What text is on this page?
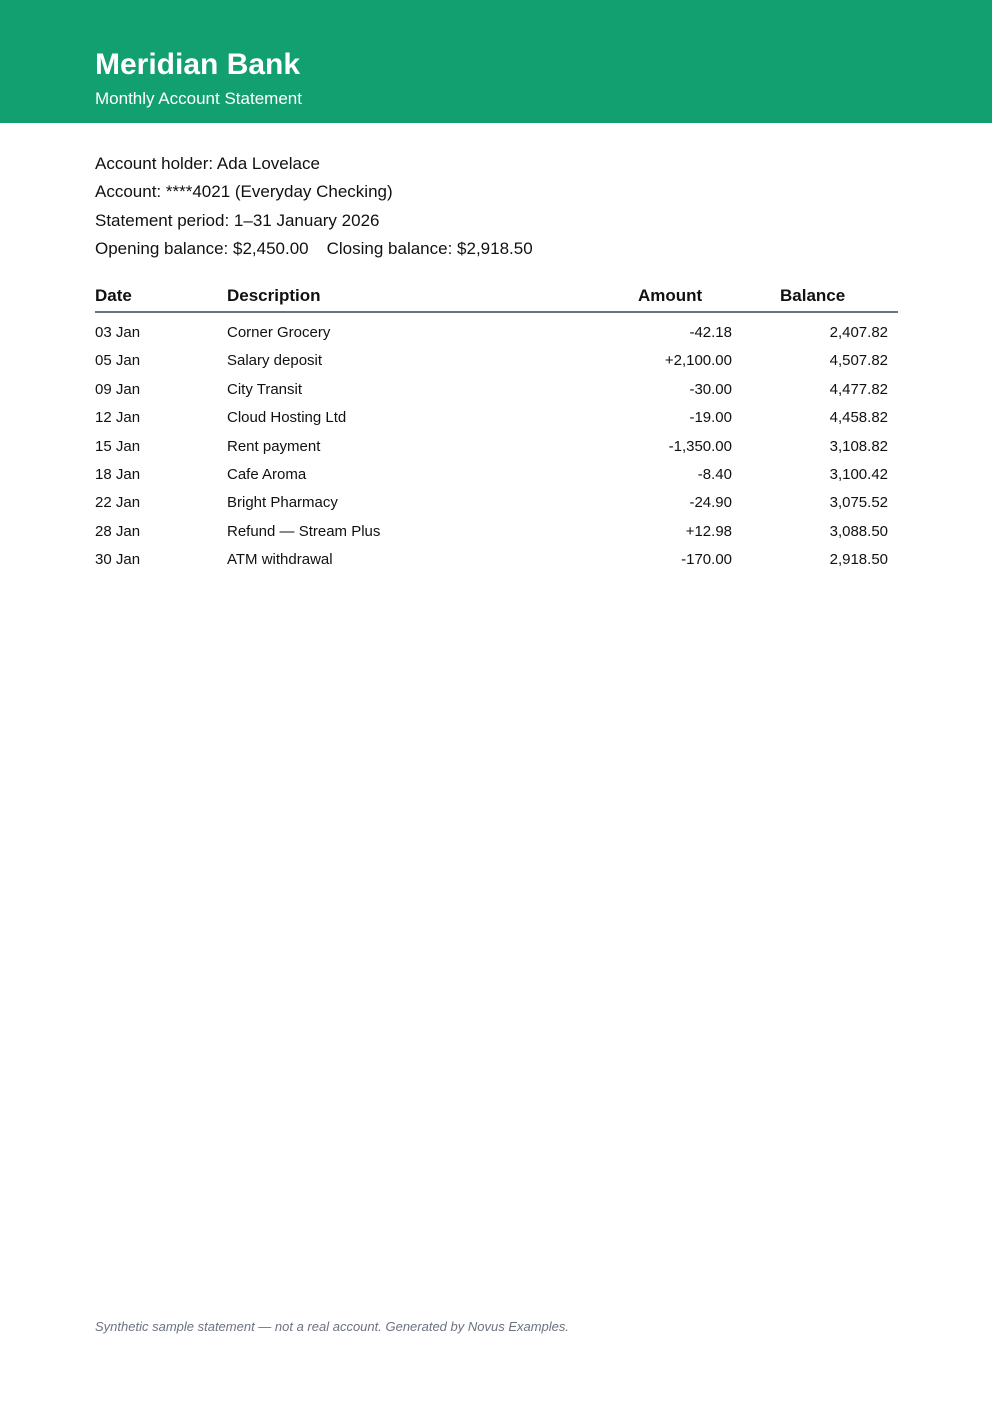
Meridian Bank
Monthly Account Statement
Account holder: Ada Lovelace
Account: ****4021 (Everyday Checking)
Statement period: 1–31 January 2026
Opening balance: $2,450.00 Closing balance: $2,918.50
Date	Description	Amount	Balance
03 Jan	Corner Grocery	-42.18	2,407.82
05 Jan	Salary deposit	+2,100.00	4,507.82
09 Jan	City Transit	-30.00	4,477.82
12 Jan	Cloud Hosting Ltd	-19.00	4,458.82
15 Jan	Rent payment	-1,350.00	3,108.82
18 Jan	Cafe Aroma	-8.40	3,100.42
22 Jan	Bright Pharmacy	-24.90	3,075.52
28 Jan	Refund — Stream Plus	+12.98	3,088.50
30 Jan	ATM withdrawal	-170.00	2,918.50
Synthetic sample statement — not a real account. Generated by Novus Examples.
